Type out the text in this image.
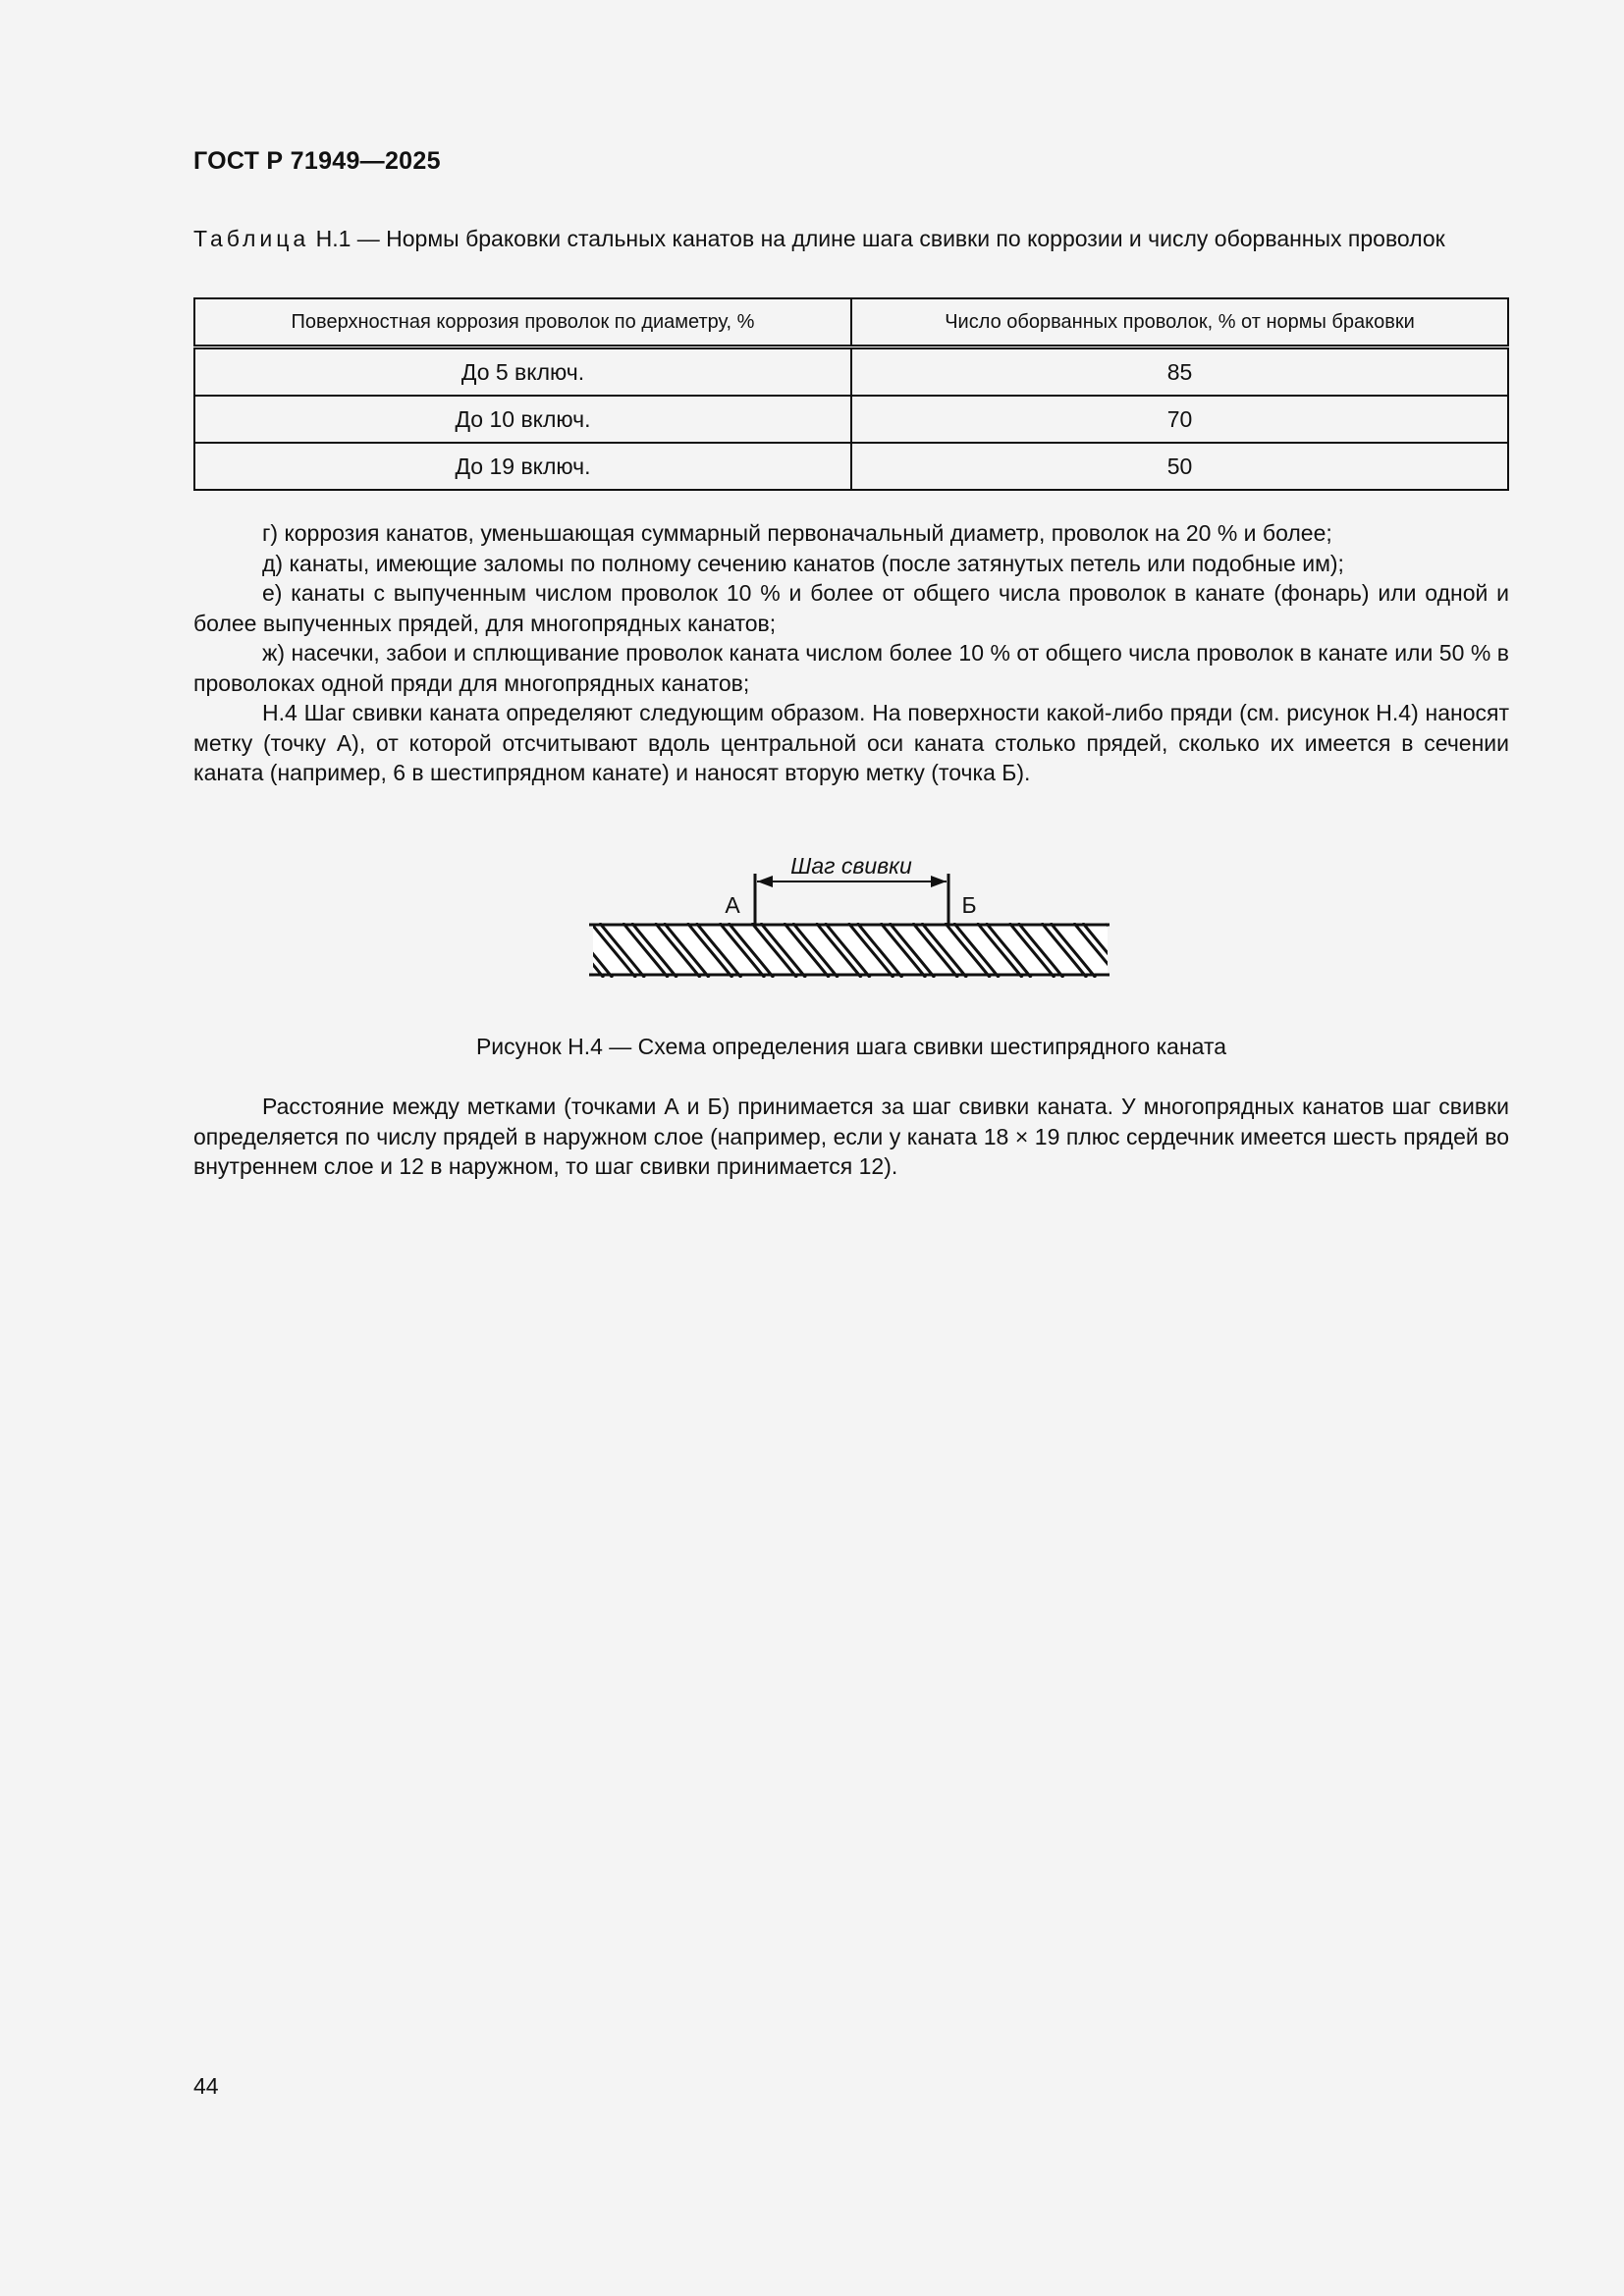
ГОСТ Р 71949—2025
Таблица Н.1 — Нормы браковки стальных канатов на длине шага свивки по коррозии и числу оборванных проволок
Поверхностная коррозия проволок по диаметру, %	Число оборванных проволок, % от нормы браковки
До 5 включ.	85
До 10 включ.	70
До 19 включ.	50

г) коррозия канатов, уменьшающая суммарный первоначальный диаметр, проволок на 20 % и более;

д) канаты, имеющие заломы по полному сечению канатов (после затянутых петель или подобные им);

е) канаты с выпученным числом проволок 10 % и более от общего числа проволок в канате (фонарь) или одной и более выпученных прядей, для многопрядных канатов;

ж) насечки, забои и сплющивание проволок каната числом более 10 % от общего числа проволок в канате или 50 % в проволоках одной пряди для многопрядных канатов;

Н.4 Шаг свивки каната определяют следующим образом. На поверхности какой-либо пряди (см. рисунок Н.4) наносят метку (точку А), от которой отсчитывают вдоль центральной оси каната столько прядей, сколько их имеется в сечении каната (например, 6 в шестипрядном канате) и наносят вторую метку (точка Б).

Шаг свивки
А	Б
Рисунок Н.4 — Схема определения шага свивки шестипрядного каната

Расстояние между метками (точками А и Б) принимается за шаг свивки каната. У многопрядных канатов шаг свивки определяется по числу прядей в наружном слое (например, если у каната 18 × 19 плюс сердечник имеется шесть прядей во внутреннем слое и 12 в наружном, то шаг свивки принимается 12).

44
